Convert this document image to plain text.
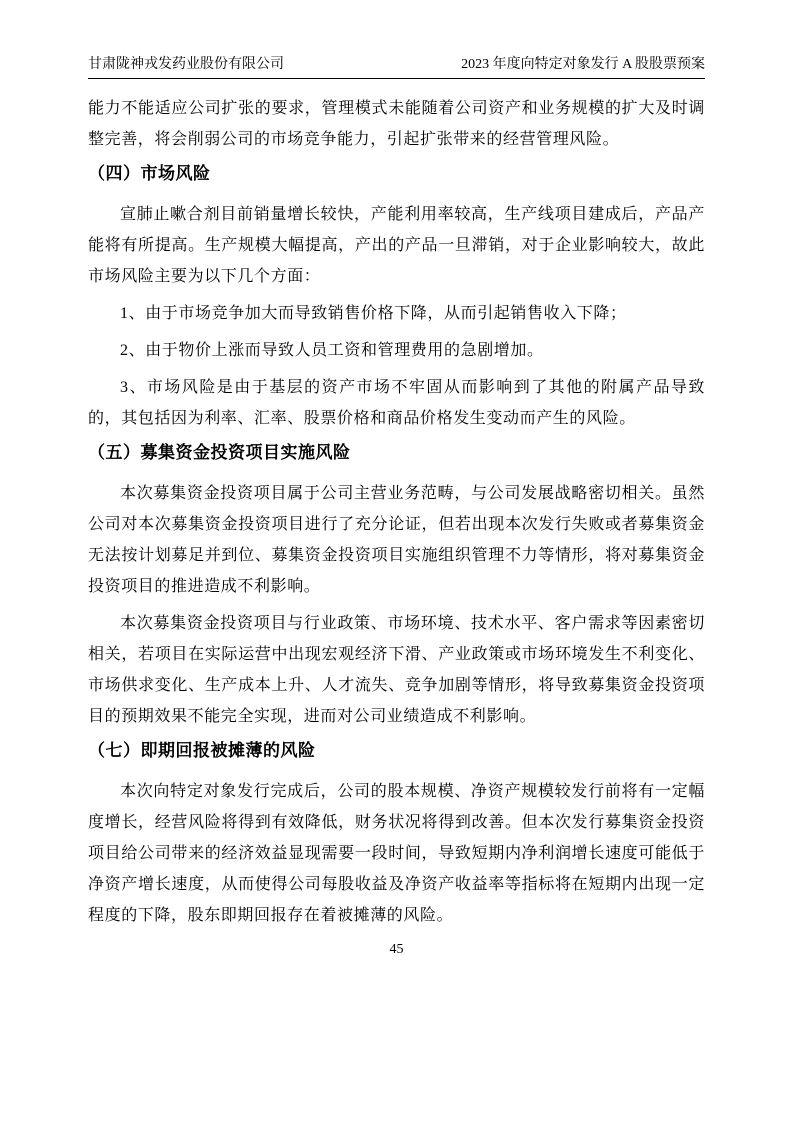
甘肃陇神戎发药业股份有限公司	2023 年度向特定对象发行 A 股股票预案

能力不能适应公司扩张的要求，管理模式未能随着公司资产和业务规模的扩大及时调整完善，将会削弱公司的市场竞争能力，引起扩张带来的经营管理风险。

（四）市场风险

宣肺止嗽合剂目前销量增长较快，产能利用率较高，生产线项目建成后，产品产能将有所提高。生产规模大幅提高，产出的产品一旦滞销，对于企业影响较大，故此市场风险主要为以下几个方面：

1、由于市场竞争加大而导致销售价格下降，从而引起销售收入下降；

2、由于物价上涨而导致人员工资和管理费用的急剧增加。

3、市场风险是由于基层的资产市场不牢固从而影响到了其他的附属产品导致的，其包括因为利率、汇率、股票价格和商品价格发生变动而产生的风险。

（五）募集资金投资项目实施风险

本次募集资金投资项目属于公司主营业务范畴，与公司发展战略密切相关。虽然公司对本次募集资金投资项目进行了充分论证，但若出现本次发行失败或者募集资金无法按计划募足并到位、募集资金投资项目实施组织管理不力等情形，将对募集资金投资项目的推进造成不利影响。

本次募集资金投资项目与行业政策、市场环境、技术水平、客户需求等因素密切相关，若项目在实际运营中出现宏观经济下滑、产业政策或市场环境发生不利变化、市场供求变化、生产成本上升、人才流失、竞争加剧等情形，将导致募集资金投资项目的预期效果不能完全实现，进而对公司业绩造成不利影响。

（七）即期回报被摊薄的风险

本次向特定对象发行完成后，公司的股本规模、净资产规模较发行前将有一定幅度增长，经营风险将得到有效降低，财务状况将得到改善。但本次发行募集资金投资项目给公司带来的经济效益显现需要一段时间，导致短期内净利润增长速度可能低于净资产增长速度，从而使得公司每股收益及净资产收益率等指标将在短期内出现一定程度的下降，股东即期回报存在着被摊薄的风险。

45
